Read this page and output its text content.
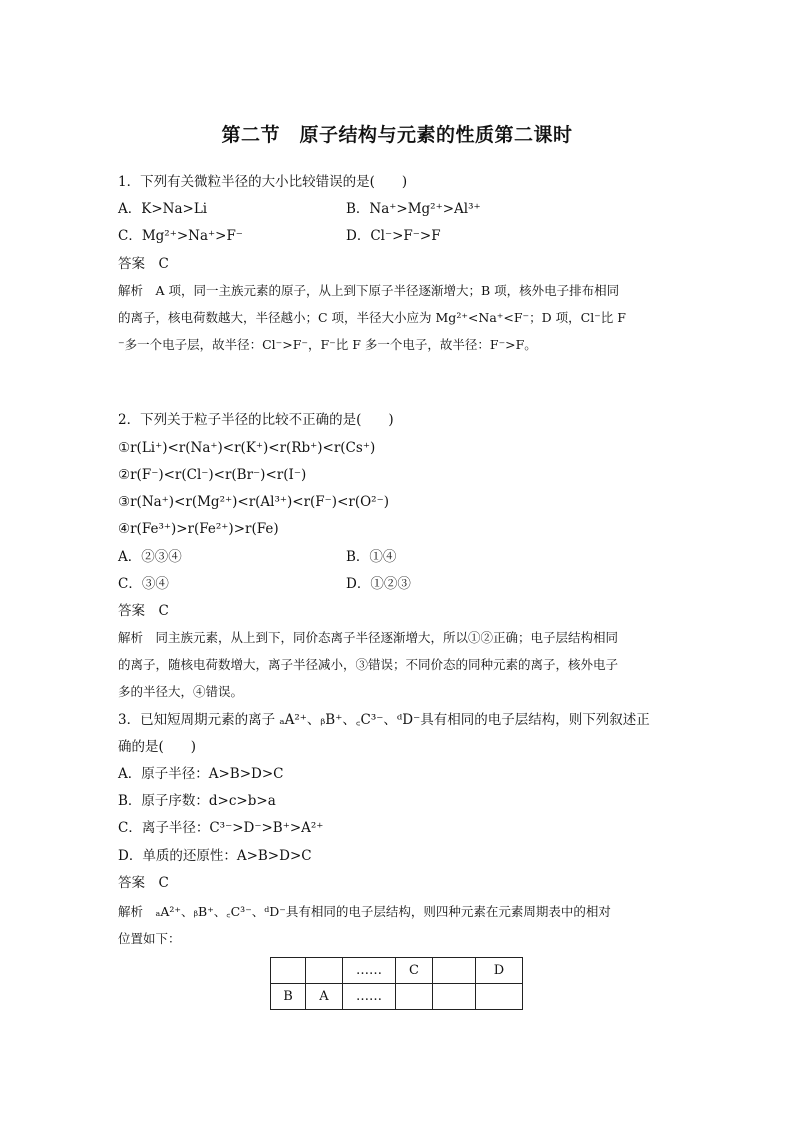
第二节　原子结构与元素的性质第二课时
1．下列有关微粒半径的大小比较错误的是(　　)
A．K>Na>Li	B．Na⁺>Mg²⁺>Al³⁺
C．Mg²⁺>Na⁺>F⁻	D．Cl⁻>F⁻>F
答案　C
解析　A 项，同一主族元素的原子，从上到下原子半径逐渐增大；B 项，核外电子排布相同
的离子，核电荷数越大，半径越小；C 项，半径大小应为 Mg²⁺<Na⁺<F⁻；D 项，Cl⁻比 F
⁻多一个电子层，故半径：Cl⁻>F⁻，F⁻比 F 多一个电子，故半径：F⁻>F。
2．下列关于粒子半径的比较不正确的是(　　)
①r(Li⁺)<r(Na⁺)<r(K⁺)<r(Rb⁺)<r(Cs⁺)
②r(F⁻)<r(Cl⁻)<r(Br⁻)<r(I⁻)
③r(Na⁺)<r(Mg²⁺)<r(Al³⁺)<r(F⁻)<r(O²⁻)
④r(Fe³⁺)>r(Fe²⁺)>r(Fe)
A．②③④	B．①④
C．③④	D．①②③
答案　C
解析　同主族元素，从上到下，同价态离子半径逐渐增大，所以①②正确；电子层结构相同
的离子，随核电荷数增大，离子半径减小，③错误；不同价态的同种元素的离子，核外电子
多的半径大，④错误。
3．已知短周期元素的离子 ₐA²⁺、ᵦB⁺、꜀C³⁻、ᵈD⁻具有相同的电子层结构，则下列叙述正
确的是(　　)
A．原子半径：A>B>D>C
B．原子序数：d>c>b>a
C．离子半径：C³⁻>D⁻>B⁺>A²⁺
D．单质的还原性：A>B>D>C
答案　C
解析　ₐA²⁺、ᵦB⁺、꜀C³⁻、ᵈD⁻具有相同的电子层结构，则四种元素在元素周期表中的相对
位置如下：
		……	C		D
B	A	……			
